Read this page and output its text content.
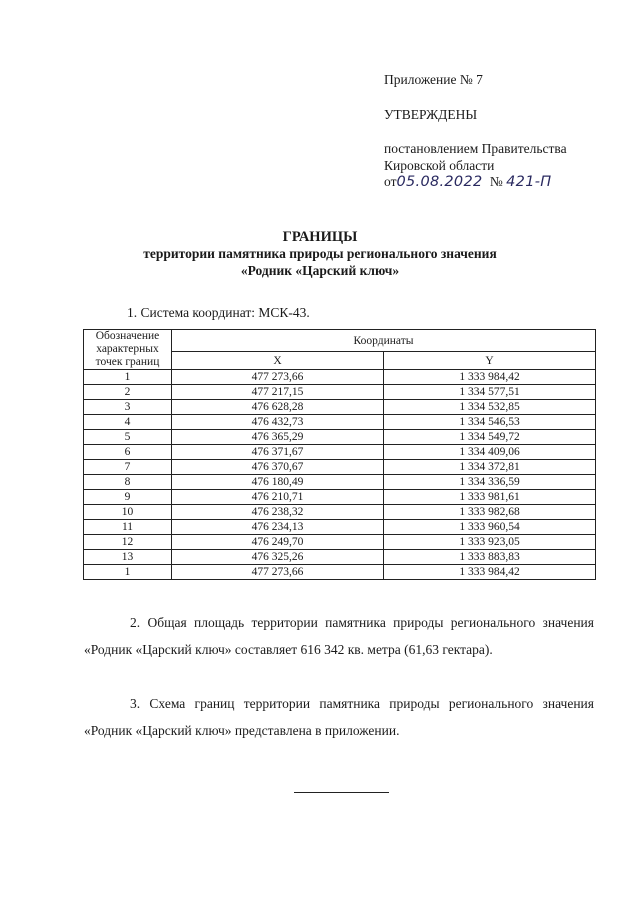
Приложение № 7
УТВЕРЖДЕНЫ
постановлением Правительства
Кировской области
от05.08.2022 № 421-П
ГРАНИЦЫ
территории памятника природы регионального значения
«Родник «Царский ключ»
1. Система координат: МСК-43.
Обозначение характерных точек границ	Координаты	
	X	Y
1	477 273,66	1 333 984,42
2	477 217,15	1 334 577,51
3	476 628,28	1 334 532,85
4	476 432,73	1 334 546,53
5	476 365,29	1 334 549,72
6	476 371,67	1 334 409,06
7	476 370,67	1 334 372,81
8	476 180,49	1 334 336,59
9	476 210,71	1 333 981,61
10	476 238,32	1 333 982,68
11	476 234,13	1 333 960,54
12	476 249,70	1 333 923,05
13	476 325,26	1 333 883,83
1	477 273,66	1 333 984,42
2. Общая площадь территории памятника природы регионального значения «Родник «Царский ключ» составляет 616 342 кв. метра (61,63 гектара).
3. Схема границ территории памятника природы регионального значения «Родник «Царский ключ» представлена в приложении.
